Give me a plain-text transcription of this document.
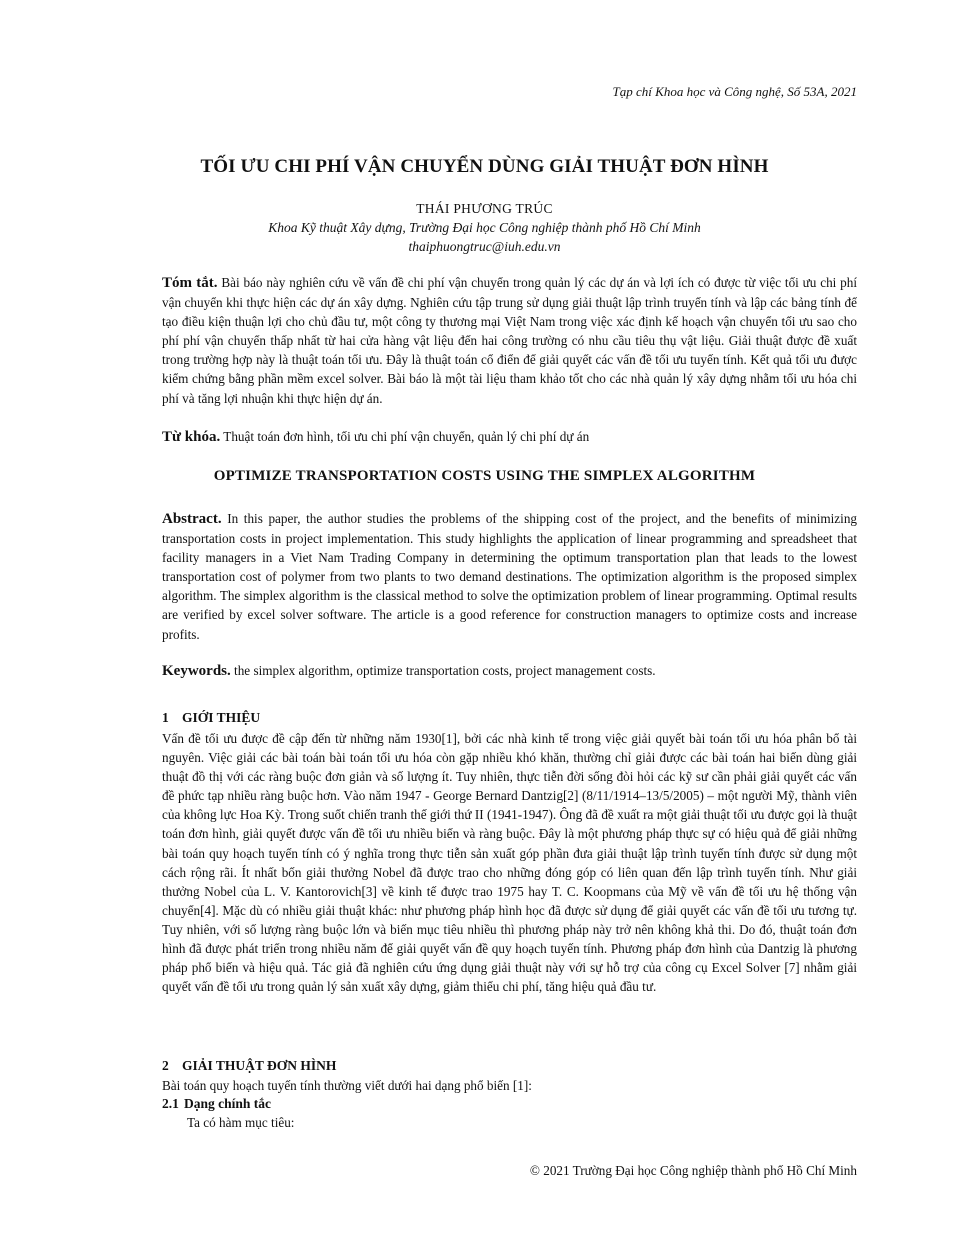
Tạp chí Khoa học và Công nghệ, Số 53A, 2021
TỐI ƯU CHI PHÍ VẬN CHUYỂN DÙNG GIẢI THUẬT ĐƠN HÌNH
THÁI PHƯƠNG TRÚC
Khoa Kỹ thuật Xây dựng, Trường Đại học Công nghiệp thành phố Hồ Chí Minh
thaiphuongtruc@iuh.edu.vn

Tóm tắt. Bài báo này nghiên cứu về vấn đề chi phí vận chuyển trong quản lý các dự án và lợi ích có được từ việc tối ưu chi phí vận chuyển khi thực hiện các dự án xây dựng. Nghiên cứu tập trung sử dụng giải thuật lập trình truyến tính và lập các bảng tính để tạo điều kiện thuận lợi cho chủ đầu tư, một công ty thương mại Việt Nam trong việc xác định kế hoạch vận chuyển tối ưu sao cho phí phí vận chuyển thấp nhất từ hai cửa hàng vật liệu đến hai công trường có nhu cầu tiêu thụ vật liệu. Giải thuật được đề xuất trong trường hợp này là thuật toán tối ưu. Đây là thuật toán cổ điển để giải quyết các vấn đề tối ưu tuyến tính. Kết quả tối ưu được kiểm chứng bằng phần mềm excel solver. Bài báo là một tài liệu tham khảo tốt cho các nhà quản lý xây dựng nhằm tối ưu hóa chi phí và tăng lợi nhuận khi thực hiện dự án.

Từ khóa. Thuật toán đơn hình, tối ưu chi phí vận chuyển, quản lý chi phí dự án

OPTIMIZE TRANSPORTATION COSTS USING THE SIMPLEX ALGORITHM

Abstract. In this paper, the author studies the problems of the shipping cost of the project, and the benefits of minimizing transportation costs in project implementation. This study highlights the application of linear programming and spreadsheet that facility managers in a Viet Nam Trading Company in determining the optimum transportation plan that leads to the lowest transportation cost of polymer from two plants to two demand destinations. The optimization algorithm is the proposed simplex algorithm. The simplex algorithm is the classical method to solve the optimization problem of linear programming. Optimal results are verified by excel solver software. The article is a good reference for construction managers to optimize costs and increase profits.

Keywords. the simplex algorithm, optimize transportation costs, project management costs.

1 GIỚI THIỆU

Vấn đề tối ưu được đề cập đến từ những năm 1930[1], bởi các nhà kinh tế trong việc giải quyết bài toán tối ưu hóa phân bổ tài nguyên. Việc giải các bài toán bài toán tối ưu hóa còn gặp nhiều khó khăn, thường chỉ giải được các bài toán hai biến dùng giải thuật đồ thị với các ràng buộc đơn giản và số lượng ít. Tuy nhiên, thực tiễn đời sống đòi hỏi các kỹ sư cần phải giải quyết các vấn đề phức tạp nhiều ràng buộc hơn. Vào năm 1947 - George Bernard Dantzig[2] (8/11/1914–13/5/2005) – một người Mỹ, thành viên của không lực Hoa Kỳ. Trong suốt chiến tranh thế giới thứ II (1941-1947). Ông đã đề xuất ra một giải thuật tối ưu được gọi là thuật toán đơn hình, giải quyết được vấn đề tối ưu nhiều biến và ràng buộc. Đây là một phương pháp thực sự có hiệu quả để giải những bài toán quy hoạch tuyến tính có ý nghĩa trong thực tiễn sản xuất góp phần đưa giải thuật lập trình tuyến tính được sử dụng một cách rộng rãi. Ít nhất bốn giải thưởng Nobel đã được trao cho những đóng góp có liên quan đến lập trình tuyến tính. Như giải thưởng Nobel của L. V. Kantorovich[3] về kinh tế được trao 1975 hay T. C. Koopmans của Mỹ về vấn đề tối ưu hệ thống vận chuyển[4]. Mặc dù có nhiều giải thuật khác: như phương pháp hình học đã được sử dụng để giải quyết các vấn đề tối ưu tương tự. Tuy nhiên, với số lượng ràng buộc lớn và biến mục tiêu nhiều thì phương pháp này trở nên không khả thi. Do đó, thuật toán đơn hình đã được phát triển trong nhiều năm để giải quyết vấn đề quy hoạch tuyến tính. Phương pháp đơn hình của Dantzig là phương pháp phổ biến và hiệu quả. Tác giả đã nghiên cứu ứng dụng giải thuật này với sự hỗ trợ của công cụ Excel Solver [7] nhằm giải quyết vấn đề tối ưu trong quản lý sản xuất xây dựng, giảm thiểu chi phí, tăng hiệu quả đầu tư.

2 GIẢI THUẬT ĐƠN HÌNH

Bài toán quy hoạch tuyến tính thường viết dưới hai dạng phổ biến [1]:

2.1 Dạng chính tắc
Ta có hàm mục tiêu:
© 2021 Trường Đại học Công nghiệp thành phố Hồ Chí Minh
